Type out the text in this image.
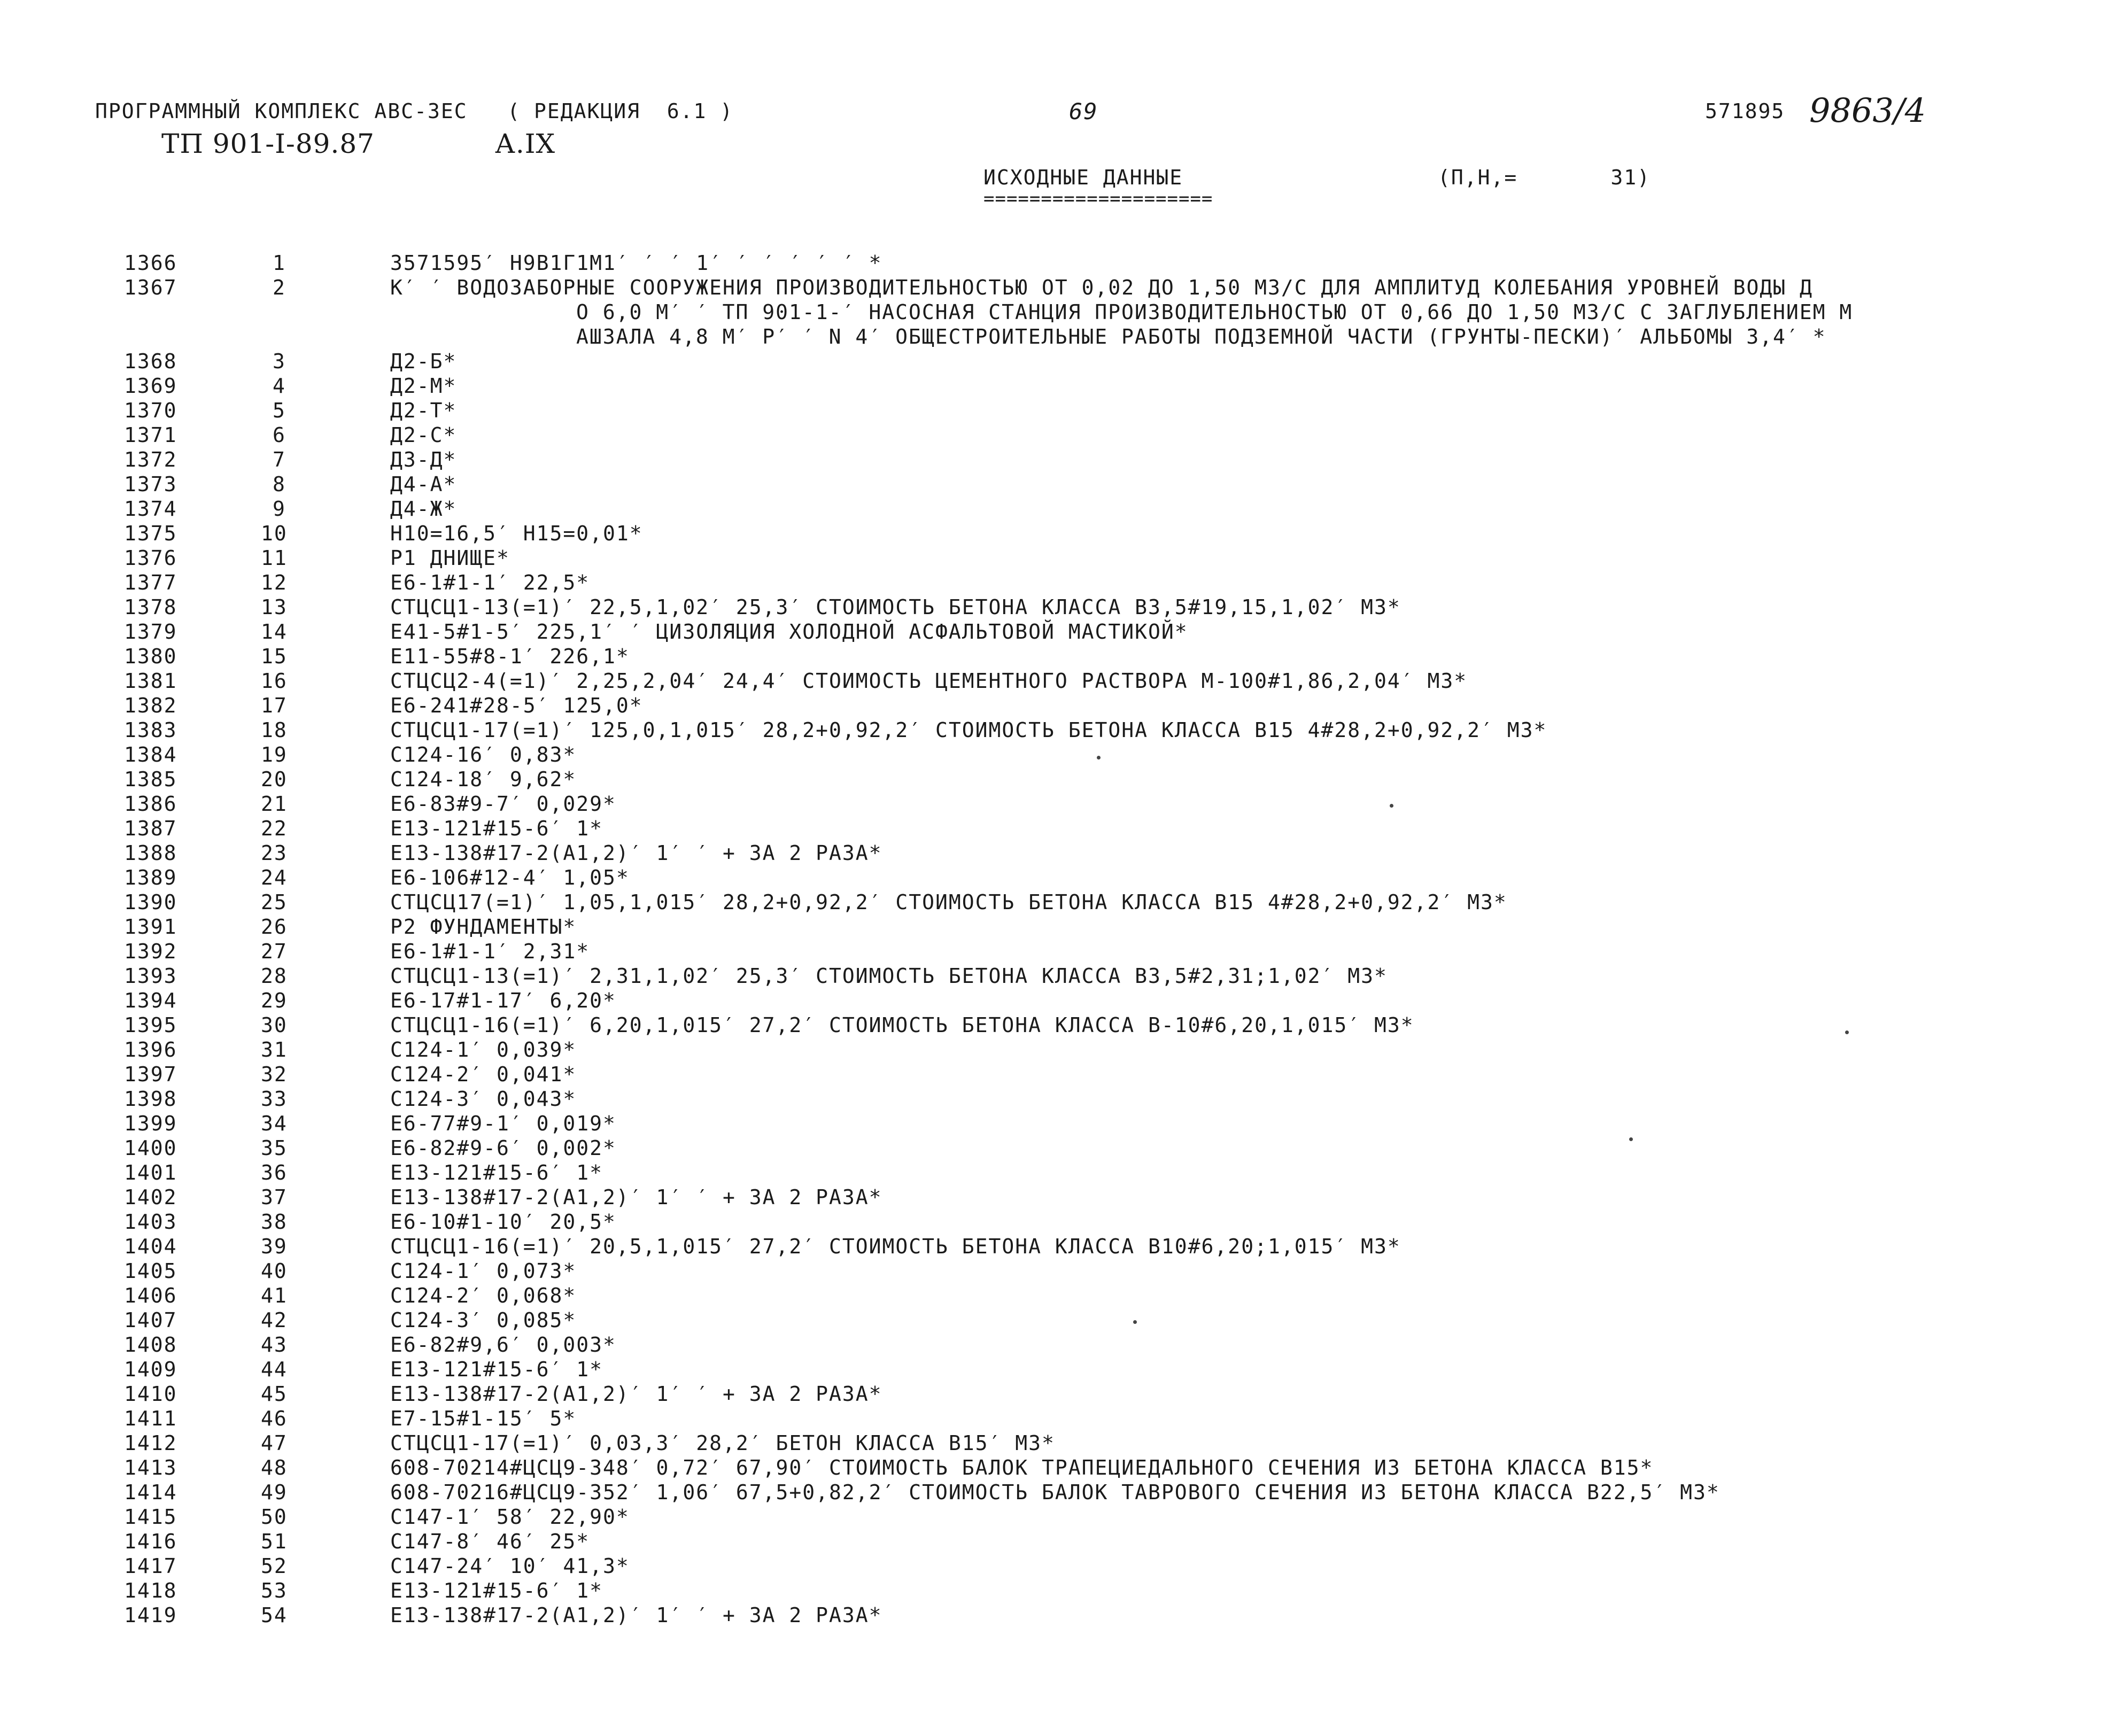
ПРОГРАММНЫЙ КОМПЛЕКС АВС-ЗЕС   ( РЕДАКЦИЯ  6.1 )	69	571895 9863/4
ТП 901-I-89.87	А.IX
ИСХОДНЫЕ ДАННЫЕ
====================
(П,Н,=       31)
1366	1	3571595′ Н9В1Г1М1′ ′ ′ 1′ ′ ′ ′ ′ ′ *
1367	2	К′ ′ ВОДОЗАБОРНЫЕ СООРУЖЕНИЯ ПРОИЗВОДИТЕЛЬНОСТЬЮ ОТ 0,02 ДО 1,50 М3/С ДЛЯ АМПЛИТУД КОЛЕБАНИЯ УРОВНЕЙ ВОДЫ Д
О 6,0 М′ ′ ТП 901-1-′ НАСОСНАЯ СТАНЦИЯ ПРОИЗВОДИТЕЛЬНОСТЬЮ ОТ 0,66 ДО 1,50 М3/С С ЗАГЛУБЛЕНИЕМ М
АШЗАЛА 4,8 М′ Р′ ′ N 4′ ОБЩЕСТРОИТЕЛЬНЫЕ РАБОТЫ ПОДЗЕМНОЙ ЧАСТИ (ГРУНТЫ-ПЕСКИ)′ АЛЬБОМЫ 3,4′ *
1368	3	Д2-Б*
1369	4	Д2-М*
1370	5	Д2-Т*
1371	6	Д2-С*
1372	7	Д3-Д*
1373	8	Д4-А*
1374	9	Д4-Ж*
1375	10	Н10=16,5′ Н15=0,01*
1376	11	Р1 ДНИЩЕ*
1377	12	Е6-1#1-1′ 22,5*
1378	13	СТЦСЦ1-13(=1)′ 22,5,1,02′ 25,3′ СТОИМОСТЬ БЕТОНА КЛАССА В3,5#19,15,1,02′ М3*
1379	14	Е41-5#1-5′ 225,1′ ′ ЦИЗОЛЯЦИЯ ХОЛОДНОЙ АСФАЛЬТОВОЙ МАСТИКОЙ*
1380	15	Е11-55#8-1′ 226,1*
1381	16	СТЦСЦ2-4(=1)′ 2,25,2,04′ 24,4′ СТОИМОСТЬ ЦЕМЕНТНОГО РАСТВОРА М-100#1,86,2,04′ М3*
1382	17	Е6-241#28-5′ 125,0*
1383	18	СТЦСЦ1-17(=1)′ 125,0,1,015′ 28,2+0,92,2′ СТОИМОСТЬ БЕТОНА КЛАССА В15 4#28,2+0,92,2′ М3*
1384	19	С124-16′ 0,83*
1385	20	С124-18′ 9,62*
1386	21	Е6-83#9-7′ 0,029*
1387	22	Е13-121#15-6′ 1*
1388	23	Е13-138#17-2(А1,2)′ 1′ ′ + ЗА 2 РАЗА*
1389	24	Е6-106#12-4′ 1,05*
1390	25	СТЦСЦ17(=1)′ 1,05,1,015′ 28,2+0,92,2′ СТОИМОСТЬ БЕТОНА КЛАССА В15 4#28,2+0,92,2′ М3*
1391	26	Р2 ФУНДАМЕНТЫ*
1392	27	Е6-1#1-1′ 2,31*
1393	28	СТЦСЦ1-13(=1)′ 2,31,1,02′ 25,3′ СТОИМОСТЬ БЕТОНА КЛАССА В3,5#2,31;1,02′ М3*
1394	29	Е6-17#1-17′ 6,20*
1395	30	СТЦСЦ1-16(=1)′ 6,20,1,015′ 27,2′ СТОИМОСТЬ БЕТОНА КЛАССА В-10#6,20,1,015′ М3*
1396	31	С124-1′ 0,039*
1397	32	С124-2′ 0,041*
1398	33	С124-3′ 0,043*
1399	34	Е6-77#9-1′ 0,019*
1400	35	Е6-82#9-6′ 0,002*
1401	36	Е13-121#15-6′ 1*
1402	37	Е13-138#17-2(А1,2)′ 1′ ′ + ЗА 2 РАЗА*
1403	38	Е6-10#1-10′ 20,5*
1404	39	СТЦСЦ1-16(=1)′ 20,5,1,015′ 27,2′ СТОИМОСТЬ БЕТОНА КЛАССА В10#6,20;1,015′ М3*
1405	40	С124-1′ 0,073*
1406	41	С124-2′ 0,068*
1407	42	С124-3′ 0,085*
1408	43	Е6-82#9,6′ 0,003*
1409	44	Е13-121#15-6′ 1*
1410	45	Е13-138#17-2(А1,2)′ 1′ ′ + ЗА 2 РАЗА*
1411	46	Е7-15#1-15′ 5*
1412	47	СТЦСЦ1-17(=1)′ 0,03,3′ 28,2′ БЕТОН КЛАССА В15′ М3*
1413	48	608-70214#ЦСЦ9-348′ 0,72′ 67,90′ СТОИМОСТЬ БАЛОК ТРАПЕЦИЕДАЛЬНОГО СЕЧЕНИЯ ИЗ БЕТОНА КЛАССА В15*
1414	49	608-70216#ЦСЦ9-352′ 1,06′ 67,5+0,82,2′ СТОИМОСТЬ БАЛОК ТАВРОВОГО СЕЧЕНИЯ ИЗ БЕТОНА КЛАССА В22,5′ М3*
1415	50	С147-1′ 58′ 22,90*
1416	51	С147-8′ 46′ 25*
1417	52	С147-24′ 10′ 41,3*
1418	53	Е13-121#15-6′ 1*
1419	54	Е13-138#17-2(А1,2)′ 1′ ′ + ЗА 2 РАЗА*
